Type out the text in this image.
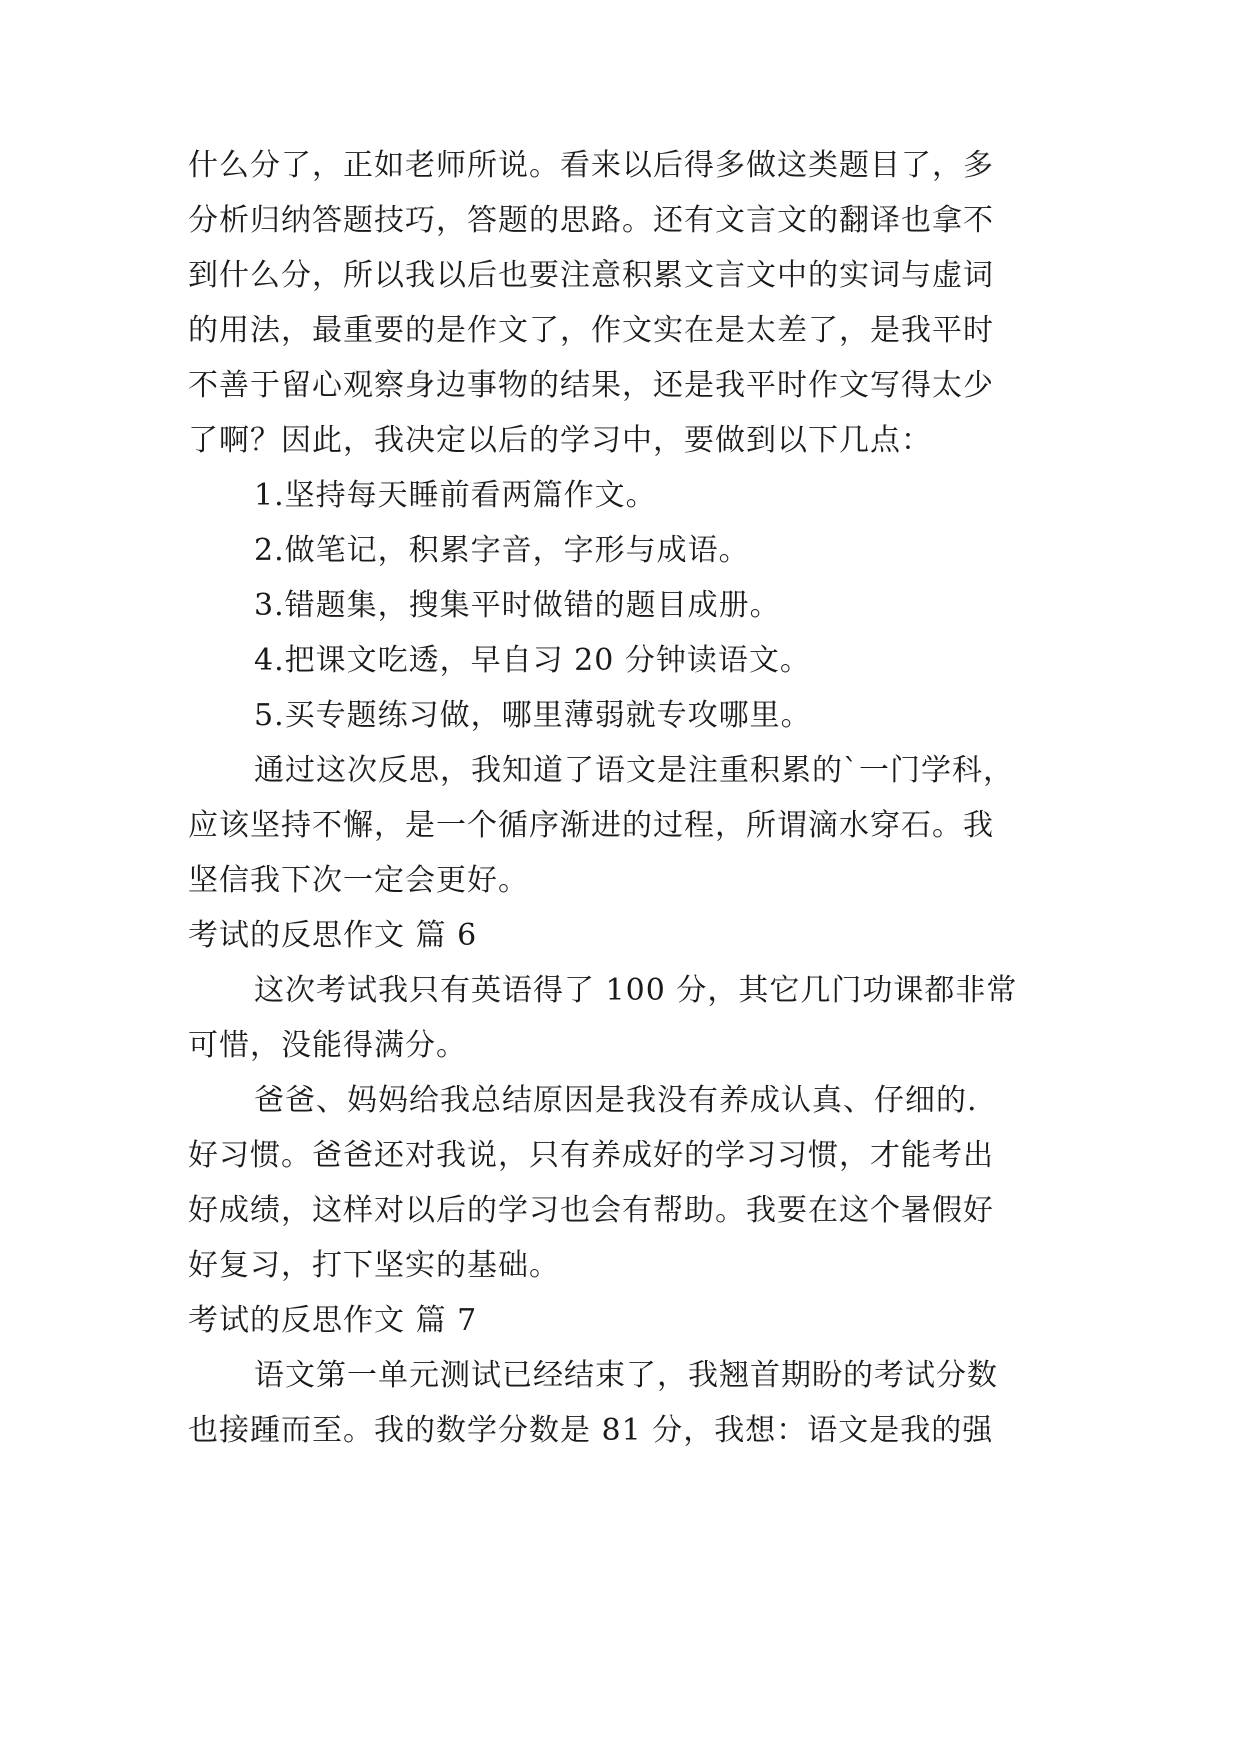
什么分了，正如老师所说。看来以后得多做这类题目了，多
分析归纳答题技巧，答题的思路。还有文言文的翻译也拿不
到什么分，所以我以后也要注意积累文言文中的实词与虚词
的用法，最重要的是作文了，作文实在是太差了，是我平时
不善于留心观察身边事物的结果，还是我平时作文写得太少
了啊？因此，我决定以后的学习中，要做到以下几点：
1.坚持每天睡前看两篇作文。
2.做笔记，积累字音，字形与成语。
3.错题集，搜集平时做错的题目成册。
4.把课文吃透，早自习 20 分钟读语文。
5.买专题练习做，哪里薄弱就专攻哪里。
通过这次反思，我知道了语文是注重积累的`一门学科，
应该坚持不懈，是一个循序渐进的过程，所谓滴水穿石。我
坚信我下次一定会更好。
考试的反思作文 篇 6
这次考试我只有英语得了 100 分，其它几门功课都非常
可惜，没能得满分。
爸爸、妈妈给我总结原因是我没有养成认真、仔细的.
好习惯。爸爸还对我说，只有养成好的学习习惯，才能考出
好成绩，这样对以后的学习也会有帮助。我要在这个暑假好
好复习，打下坚实的基础。
考试的反思作文 篇 7
语文第一单元测试已经结束了，我翘首期盼的考试分数
也接踵而至。我的数学分数是 81 分，我想：语文是我的强
